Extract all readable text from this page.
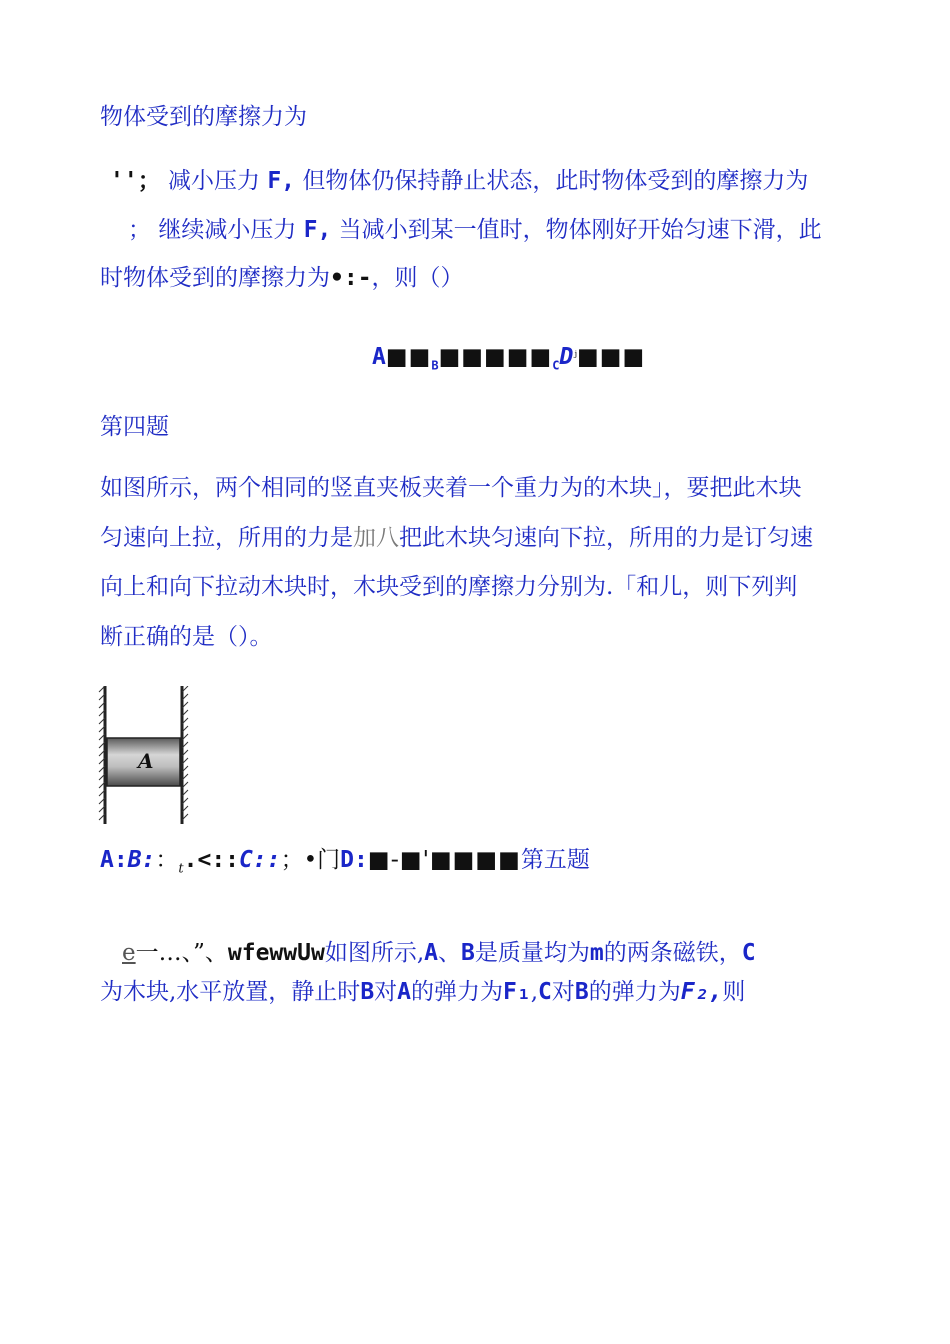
物体受到的摩擦力为
''； 减小压力 F, 但物体仍保持静止状态，此时物体受到的摩擦力为
； 继续减小压力 F, 当减小到某一值时，物体刚好开始匀速下滑，此
时物体受到的摩擦力为•:-，则（）
$A■■_B■■■■■_CD^ʲ■■■$
第四题
如图所示，两个相同的竖直夹板夹着一个重力为的木块」，要把此木块
匀速向上拉，所用的力是加八把此木块匀速向下拉，所用的力是订匀速
向上和向下拉动木块时，木块受到的摩擦力分别为.「和儿，则下列判
断正确的是（）。
A
A:B:：$_t$.<::C::；•门D:■-■'■■■■第五题
e一…、”、wfewwUw如图所示,A、B是质量均为m的两条磁铁，C
为木块,水平放置，静止时B对A的弹力为F₁,C对B的弹力为F₂,则
